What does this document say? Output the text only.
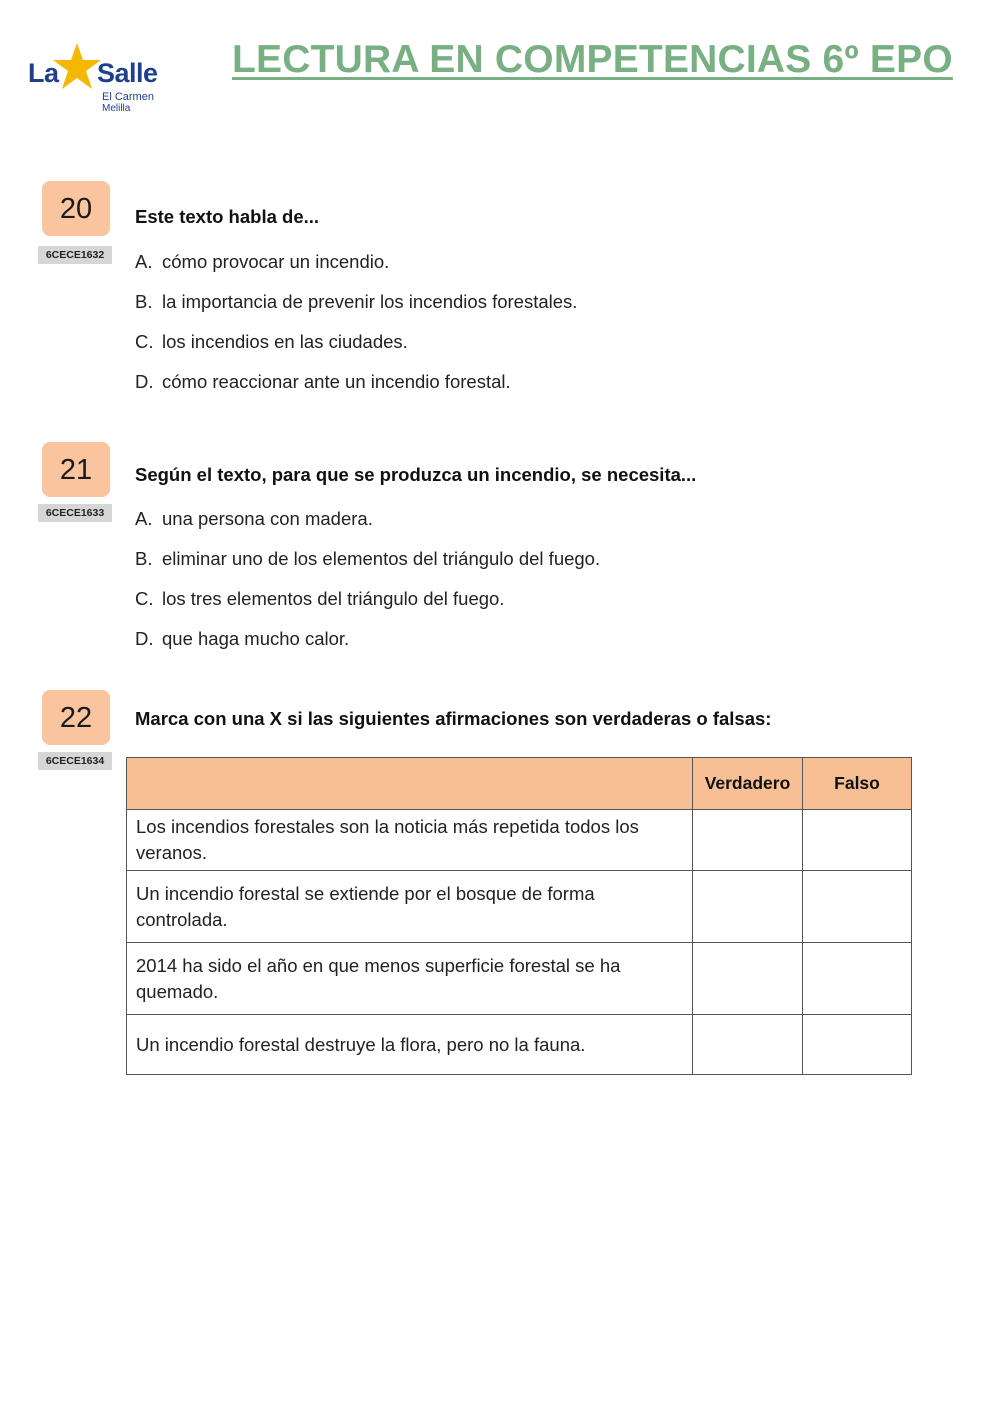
La Salle
El Carmen
Melilla
LECTURA EN COMPETENCIAS 6º EPO
20
6CECE1632
Este texto habla de...
A. cómo provocar un incendio.
B. la importancia de prevenir los incendios forestales.
C. los incendios en las ciudades.
D. cómo reaccionar ante un incendio forestal.
21
6CECE1633
Según el texto, para que se produzca un incendio, se necesita...
A. una persona con madera.
B. eliminar uno de los elementos del triángulo del fuego.
C. los tres elementos del triángulo del fuego.
D. que haga mucho calor.
22
6CECE1634
Marca con una X si las siguientes afirmaciones son verdaderas o falsas:
	Verdadero	Falso
Los incendios forestales son la noticia más repetida todos los veranos.		
Un incendio forestal se extiende por el bosque de forma controlada.		
2014 ha sido el año en que menos superficie forestal se ha quemado.		
Un incendio forestal destruye la flora, pero no la fauna.		
